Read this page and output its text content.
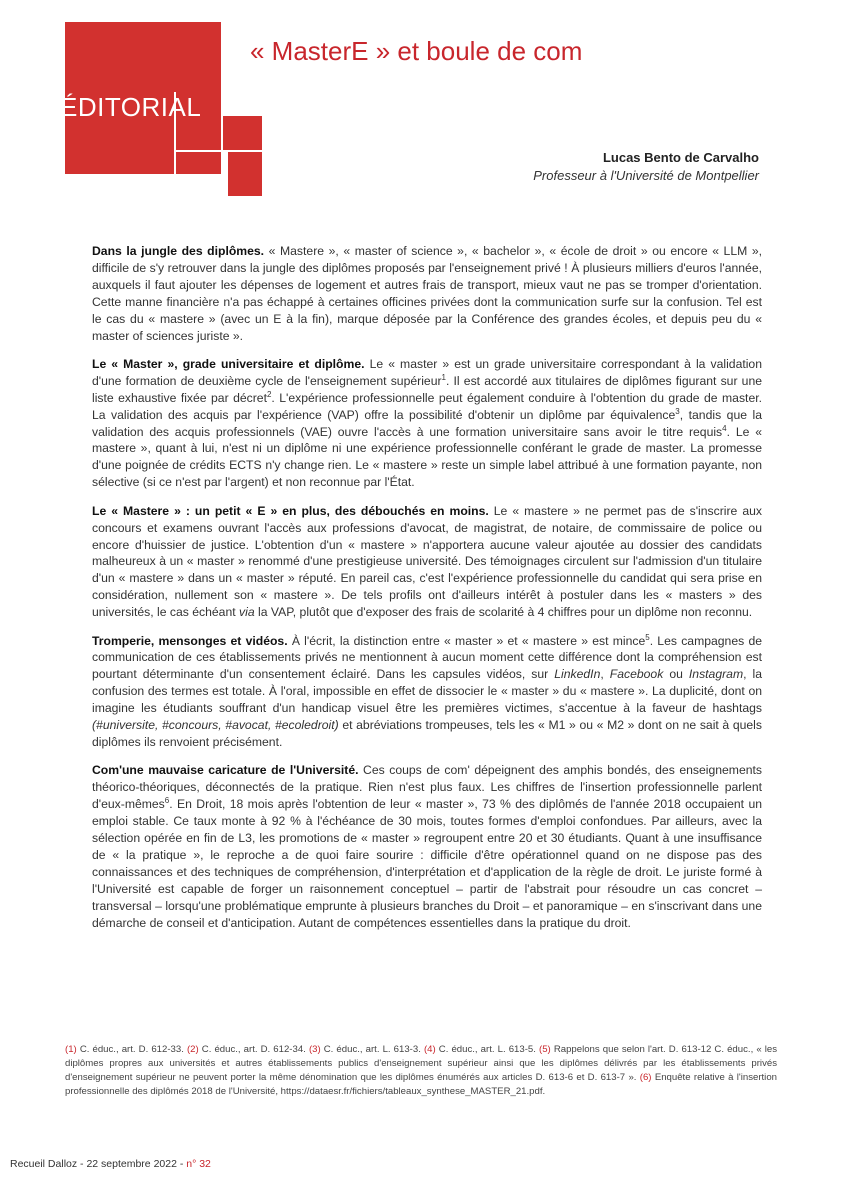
ÉDITORIAL
« MasterE » et boule de com
Lucas Bento de Carvalho
Professeur à l'Université de Montpellier

Dans la jungle des diplômes. « Mastere », « master of science », « bachelor », « école de droit » ou encore « LLM », difficile de s'y retrouver dans la jungle des diplômes proposés par l'enseignement privé ! À plusieurs milliers d'euros l'année, auxquels il faut ajouter les dépenses de logement et autres frais de transport, mieux vaut ne pas se tromper d'orientation. Cette manne financière n'a pas échappé à certaines officines privées dont la communication surfe sur la confusion. Tel est le cas du « mastere » (avec un E à la fin), marque déposée par la Conférence des grandes écoles, et depuis peu du « master of sciences juriste ».

Le « Master », grade universitaire et diplôme. Le « master » est un grade universitaire correspondant à la validation d'une formation de deuxième cycle de l'enseignement supérieur$^1$. Il est accordé aux titulaires de diplômes figurant sur une liste exhaustive fixée par décret$^2$. L'expérience professionnelle peut également conduire à l'obtention du grade de master. La validation des acquis par l'expérience (VAP) offre la possibilité d'obtenir un diplôme par équivalence$^3$, tandis que la validation des acquis professionnels (VAE) ouvre l'accès à une formation universitaire sans avoir le titre requis$^4$. Le « mastere », quant à lui, n'est ni un diplôme ni une expérience professionnelle conférant le grade de master. La promesse d'une poignée de crédits ECTS n'y change rien. Le « mastere » reste un simple label attribué à une formation payante, non sélective (si ce n'est par l'argent) et non reconnue par l'État.

Le « Mastere » : un petit « E » en plus, des débouchés en moins. Le « mastere » ne permet pas de s'inscrire aux concours et examens ouvrant l'accès aux professions d'avocat, de magistrat, de notaire, de commissaire de police ou encore d'huissier de justice. L'obtention d'un « mastere » n'apportera aucune valeur ajoutée au dossier des candidats malheureux à un « master » renommé d'une prestigieuse université. Des témoignages circulent sur l'admission d'un titulaire d'un « mastere » dans un « master » réputé. En pareil cas, c'est l'expérience professionnelle du candidat qui sera prise en considération, nullement son « mastere ». De tels profils ont d'ailleurs intérêt à postuler dans les « masters » des universités, le cas échéant via la VAP, plutôt que d'exposer des frais de scolarité à 4 chiffres pour un diplôme non reconnu.

Tromperie, mensonges et vidéos. À l'écrit, la distinction entre « master » et « mastere » est mince$^5$. Les campagnes de communication de ces établissements privés ne mentionnent à aucun moment cette différence dont la compréhension est pourtant déterminante d'un consentement éclairé. Dans les capsules vidéos, sur LinkedIn, Facebook ou Instagram, la confusion des termes est totale. À l'oral, impossible en effet de dissocier le « master » du « mastere ». La duplicité, dont on imagine les étudiants souffrant d'un handicap visuel être les premières victimes, s'accentue à la faveur de hashtags (#universite, #concours, #avocat, #ecoledroit) et abréviations trompeuses, tels les « M1 » ou « M2 » dont on ne sait à quels diplômes ils renvoient précisément.

Com'une mauvaise caricature de l'Université. Ces coups de com' dépeignent des amphis bondés, des enseignements théorico-théoriques, déconnectés de la pratique. Rien n'est plus faux. Les chiffres de l'insertion professionnelle parlent d'eux-mêmes$^6$. En Droit, 18 mois après l'obtention de leur « master », 73 % des diplômés de l'année 2018 occupaient un emploi stable. Ce taux monte à 92 % à l'échéance de 30 mois, toutes formes d'emploi confondues. Par ailleurs, avec la sélection opérée en fin de L3, les promotions de « master » regroupent entre 20 et 30 étudiants. Quant à une insuffisance de « la pratique », le reproche a de quoi faire sourire : difficile d'être opérationnel quand on ne dispose pas des connaissances et des techniques de compréhension, d'interprétation et d'application de la règle de droit. Le juriste formé à l'Université est capable de forger un raisonnement conceptuel – partir de l'abstrait pour résoudre un cas concret – transversal – lorsqu'une problématique emprunte à plusieurs branches du Droit – et panoramique – en s'inscrivant dans une démarche de conseil et d'anticipation. Autant de compétences essentielles dans la pratique du droit.

(1) C. éduc., art. D. 612-33. (2) C. éduc., art. D. 612-34. (3) C. éduc., art. L. 613-3. (4) C. éduc., art. L. 613-5. (5) Rappelons que selon l'art. D. 613-12 C. éduc., « les diplômes propres aux universités et autres établissements publics d'enseignement supérieur ainsi que les diplômes délivrés par les établissements privés d'enseignement supérieur ne peuvent porter la même dénomination que les diplômes énumérés aux articles D. 613-6 et D. 613-7 ». (6) Enquête relative à l'insertion professionnelle des diplômés 2018 de l'Université, https://dataesr.fr/fichiers/tableaux_synthese_MASTER_21.pdf.
Recueil Dalloz - 22 septembre 2022 - n° 32
